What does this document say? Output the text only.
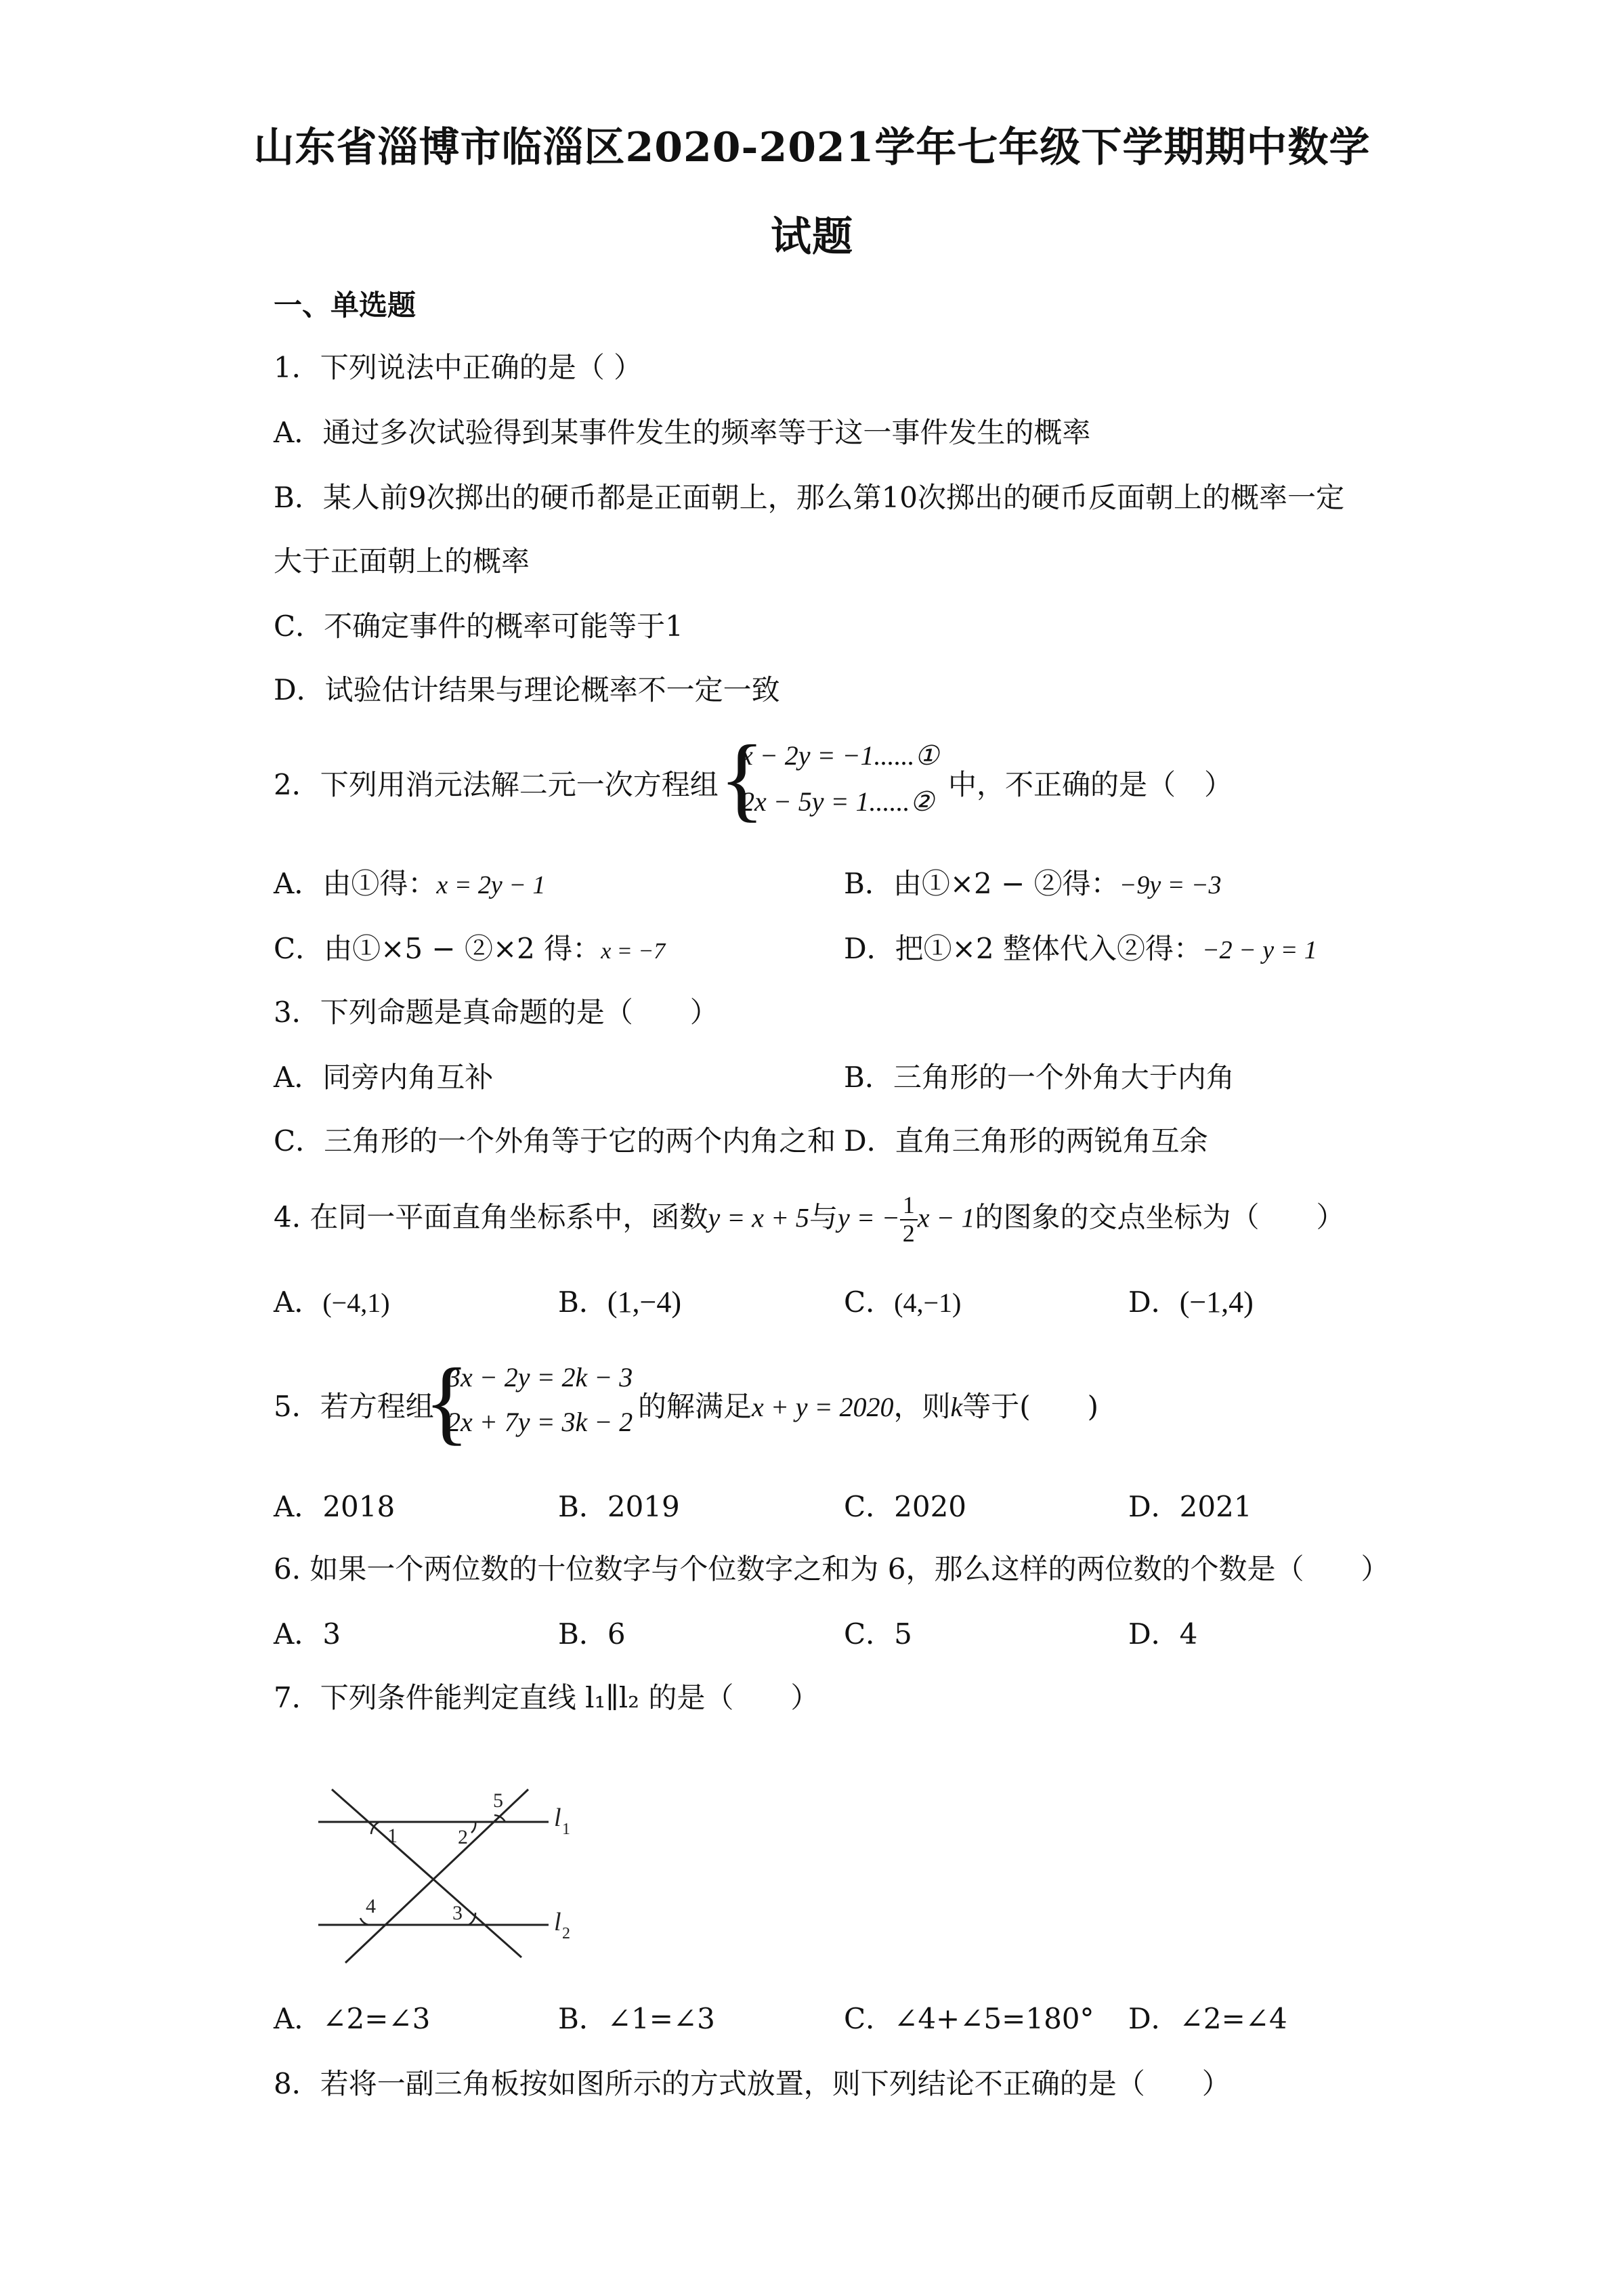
山东省淄博市临淄区2020-2021学年七年级下学期期中数学
试题
一、单选题
1．下列说法中正确的是（ ）
A．通过多次试验得到某事件发生的频率等于这一事件发生的概率
B．某人前9次掷出的硬币都是正面朝上，那么第10次掷出的硬币反面朝上的概率一定
大于正面朝上的概率
C．不确定事件的概率可能等于1
D．试验估计结果与理论概率不一定一致
2．下列用消元法解二元一次方程组 {
x − 2y = −1......①
2x − 5y = 1......②
中，不正确的是（　）
A．由①得：x = 2y − 1	B．由①×2 − ②得：−9y = −3
C．由①×5 − ②×2 得：x = −7	D．把①×2 整体代入②得：−2 − y = 1
3．下列命题是真命题的是（　　）
A．同旁内角互补	B．三角形的一个外角大于内角
C．三角形的一个外角等于它的两个内角之和 D．直角三角形的两锐角互余
4. 在同一平面直角坐标系中，函数y = x + 5与y = − $\frac{1}{2}$ x − 1的图象的交点坐标为（　　）
A．(−4,1)	B．(1,−4)	C．(4,−1)	D．(−1,4)
5．若方程组
{
3x − 2y = 2k − 3
2x + 7y = 3k − 2 的解满足x + y = 2020，则k等于(　　)
A．2018	B．2019	C．2020	D．2021
6. 如果一个两位数的十位数字与个位数字之和为 6，那么这样的两位数的个数是（　　）
A．3	B．6	C．5	D．4
7．下列条件能判定直线 l₁∥l₂ 的是（　　）
1	2
5
3
4
l 1
l 2
A．∠2=∠3	B．∠1=∠3	C．∠4+∠5=180° D．∠2=∠4
8．若将一副三角板按如图所示的方式放置，则下列结论不正确的是（　　）
